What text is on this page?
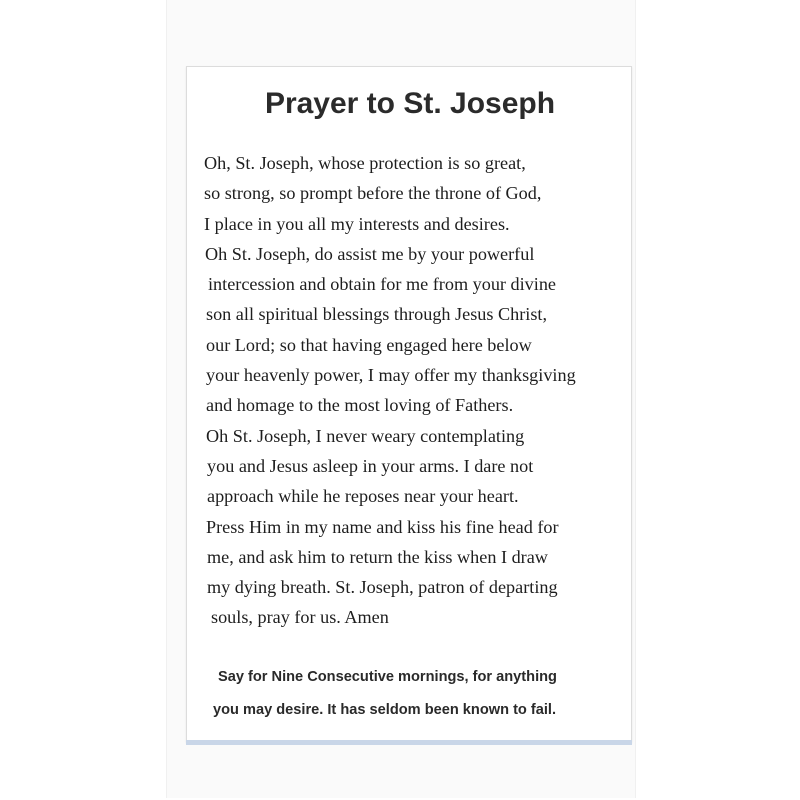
Prayer to St. Joseph
Oh, St. Joseph, whose protection is so great,
so strong, so prompt before the throne of God,
I place in you all my interests and desires.
Oh St. Joseph, do assist me by your powerful
intercession and obtain for me from your divine
son all spiritual blessings through Jesus Christ,
our Lord; so that having engaged here below
your heavenly power, I may offer my thanksgiving
and homage to the most loving of Fathers.
Oh St. Joseph, I never weary contemplating
you and Jesus asleep in your arms. I dare not
approach while he reposes near your heart.
Press Him in my name and kiss his fine head for
me, and ask him to return the kiss when I draw
my dying breath. St. Joseph, patron of departing
souls, pray for us. Amen
Say for Nine Consecutive mornings, for anything
you may desire. It has seldom been known to fail.
